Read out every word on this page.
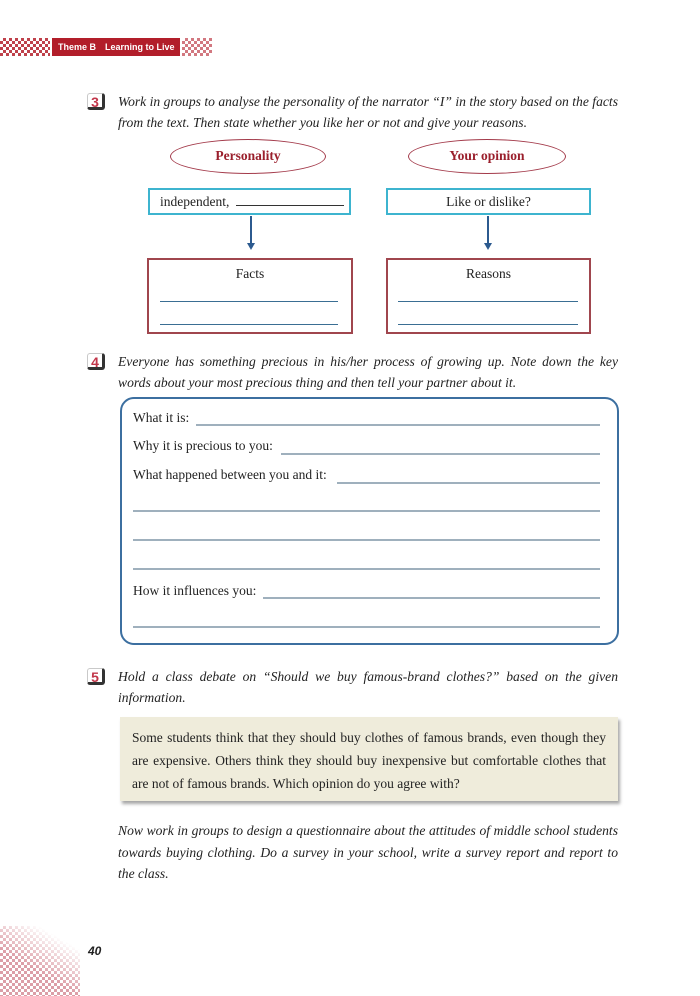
Theme B Learning to Live
3	Work in groups to analyse the personality of the narrator “I” in the story based on the facts from the text. Then state whether you like her or not and give your reasons.
Personality	Your opinion
independent,	Like or dislike?
Facts	Reasons
4	Everyone has something precious in his/her process of growing up. Note down the key words about your most precious thing and then tell your partner about it.
What it is:
Why it is precious to you:
What happened between you and it:
How it influences you:
5	Hold a class debate on “Should we buy famous-brand clothes?” based on the given information.
Some students think that they should buy clothes of famous brands, even though they are expensive. Others think they should buy inexpensive but comfortable clothes that are not of famous brands. Which opinion do you agree with?
Now work in groups to design a questionnaire about the attitudes of middle school students towards buying clothing. Do a survey in your school, write a survey report and report to the class.
40
